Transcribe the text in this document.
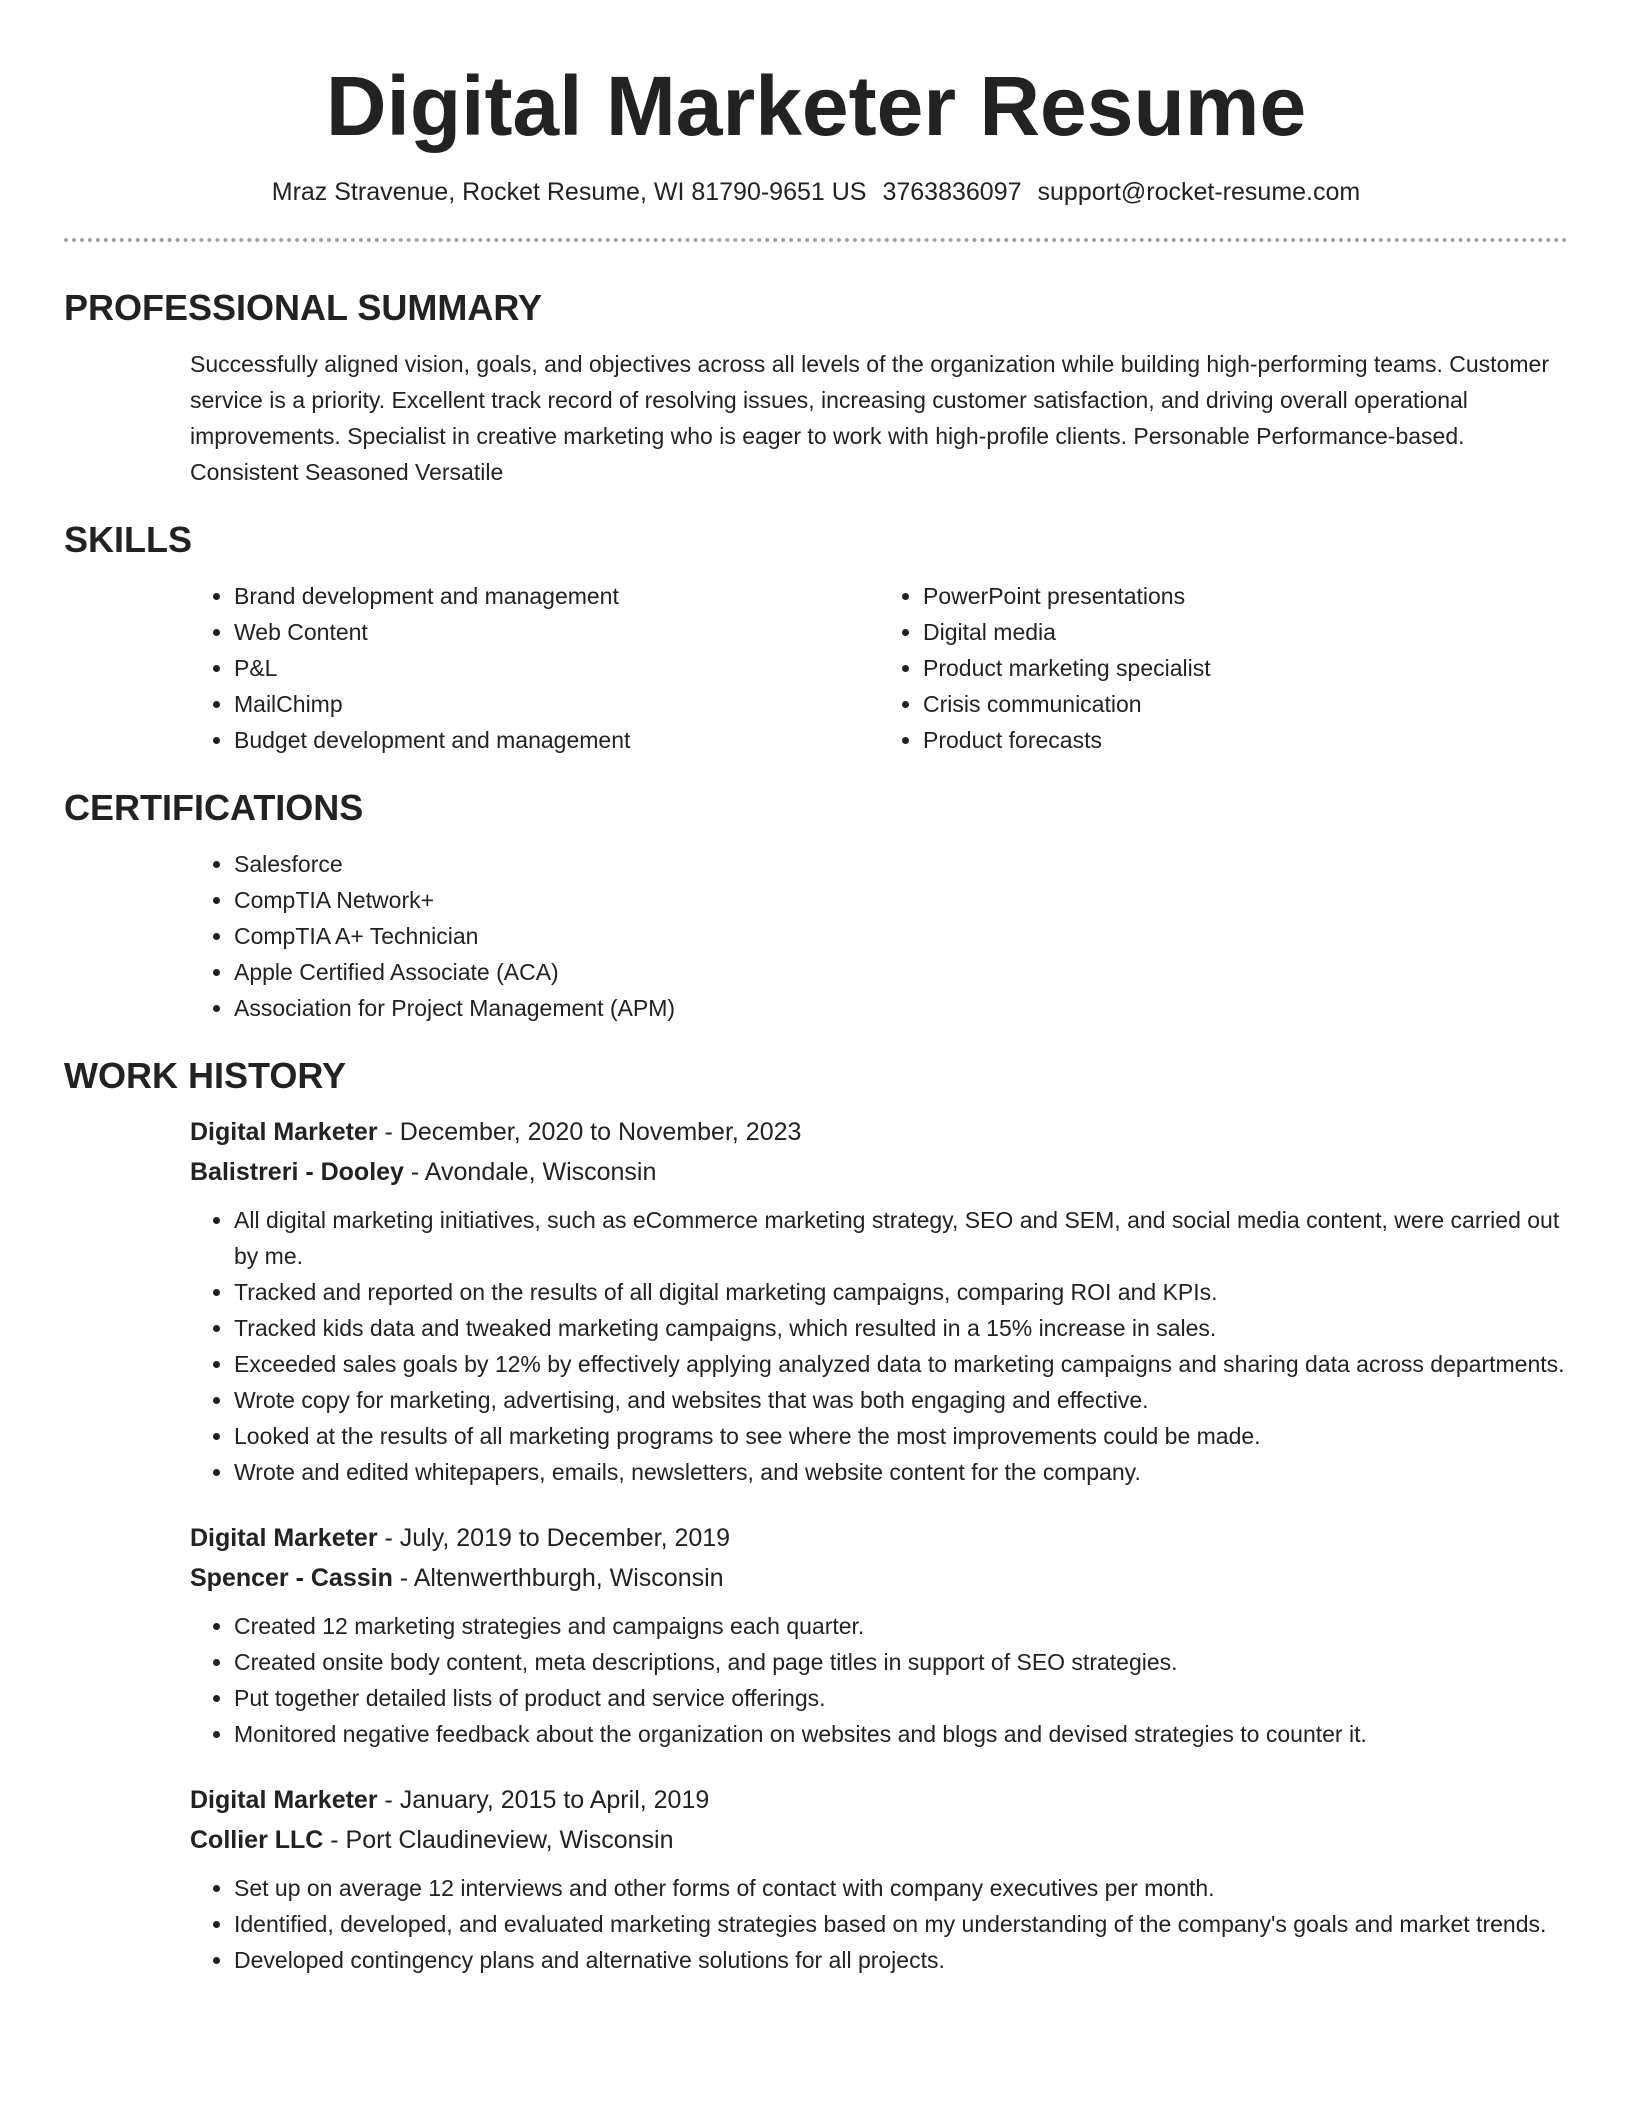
Digital Marketer Resume
Mraz Stravenue, Rocket Resume, WI 81790-9651 US 3763836097 support@rocket-resume.com
PROFESSIONAL SUMMARY

Successfully aligned vision, goals, and objectives across all levels of the organization while building high-performing teams. Customer service is a priority. Excellent track record of resolving issues, increasing customer satisfaction, and driving overall operational improvements. Specialist in creative marketing who is eager to work with high-profile clients. Personable Performance-based. Consistent Seasoned Versatile

SKILLS
• Brand development and management
• Web Content
• P&L
• MailChimp
• Budget development and management
• PowerPoint presentations
• Digital media
• Product marketing specialist
• Crisis communication
• Product forecasts
CERTIFICATIONS
• Salesforce
• CompTIA Network+
• CompTIA A+ Technician
• Apple Certified Associate (ACA)
• Association for Project Management (APM)
WORK HISTORY
Digital Marketer - December, 2020 to November, 2023
Balistreri - Dooley - Avondale, Wisconsin
• All digital marketing initiatives, such as eCommerce marketing strategy, SEO and SEM, and social media content, were carried out by me.
• Tracked and reported on the results of all digital marketing campaigns, comparing ROI and KPIs.
• Tracked kids data and tweaked marketing campaigns, which resulted in a 15% increase in sales.
• Exceeded sales goals by 12% by effectively applying analyzed data to marketing campaigns and sharing data across departments.
• Wrote copy for marketing, advertising, and websites that was both engaging and effective.
• Looked at the results of all marketing programs to see where the most improvements could be made.
• Wrote and edited whitepapers, emails, newsletters, and website content for the company.
Digital Marketer - July, 2019 to December, 2019
Spencer - Cassin - Altenwerthburgh, Wisconsin
• Created 12 marketing strategies and campaigns each quarter.
• Created onsite body content, meta descriptions, and page titles in support of SEO strategies.
• Put together detailed lists of product and service offerings.
• Monitored negative feedback about the organization on websites and blogs and devised strategies to counter it.
Digital Marketer - January, 2015 to April, 2019
Collier LLC - Port Claudineview, Wisconsin
• Set up on average 12 interviews and other forms of contact with company executives per month.
• Identified, developed, and evaluated marketing strategies based on my understanding of the company's goals and market trends.
• Developed contingency plans and alternative solutions for all projects.
